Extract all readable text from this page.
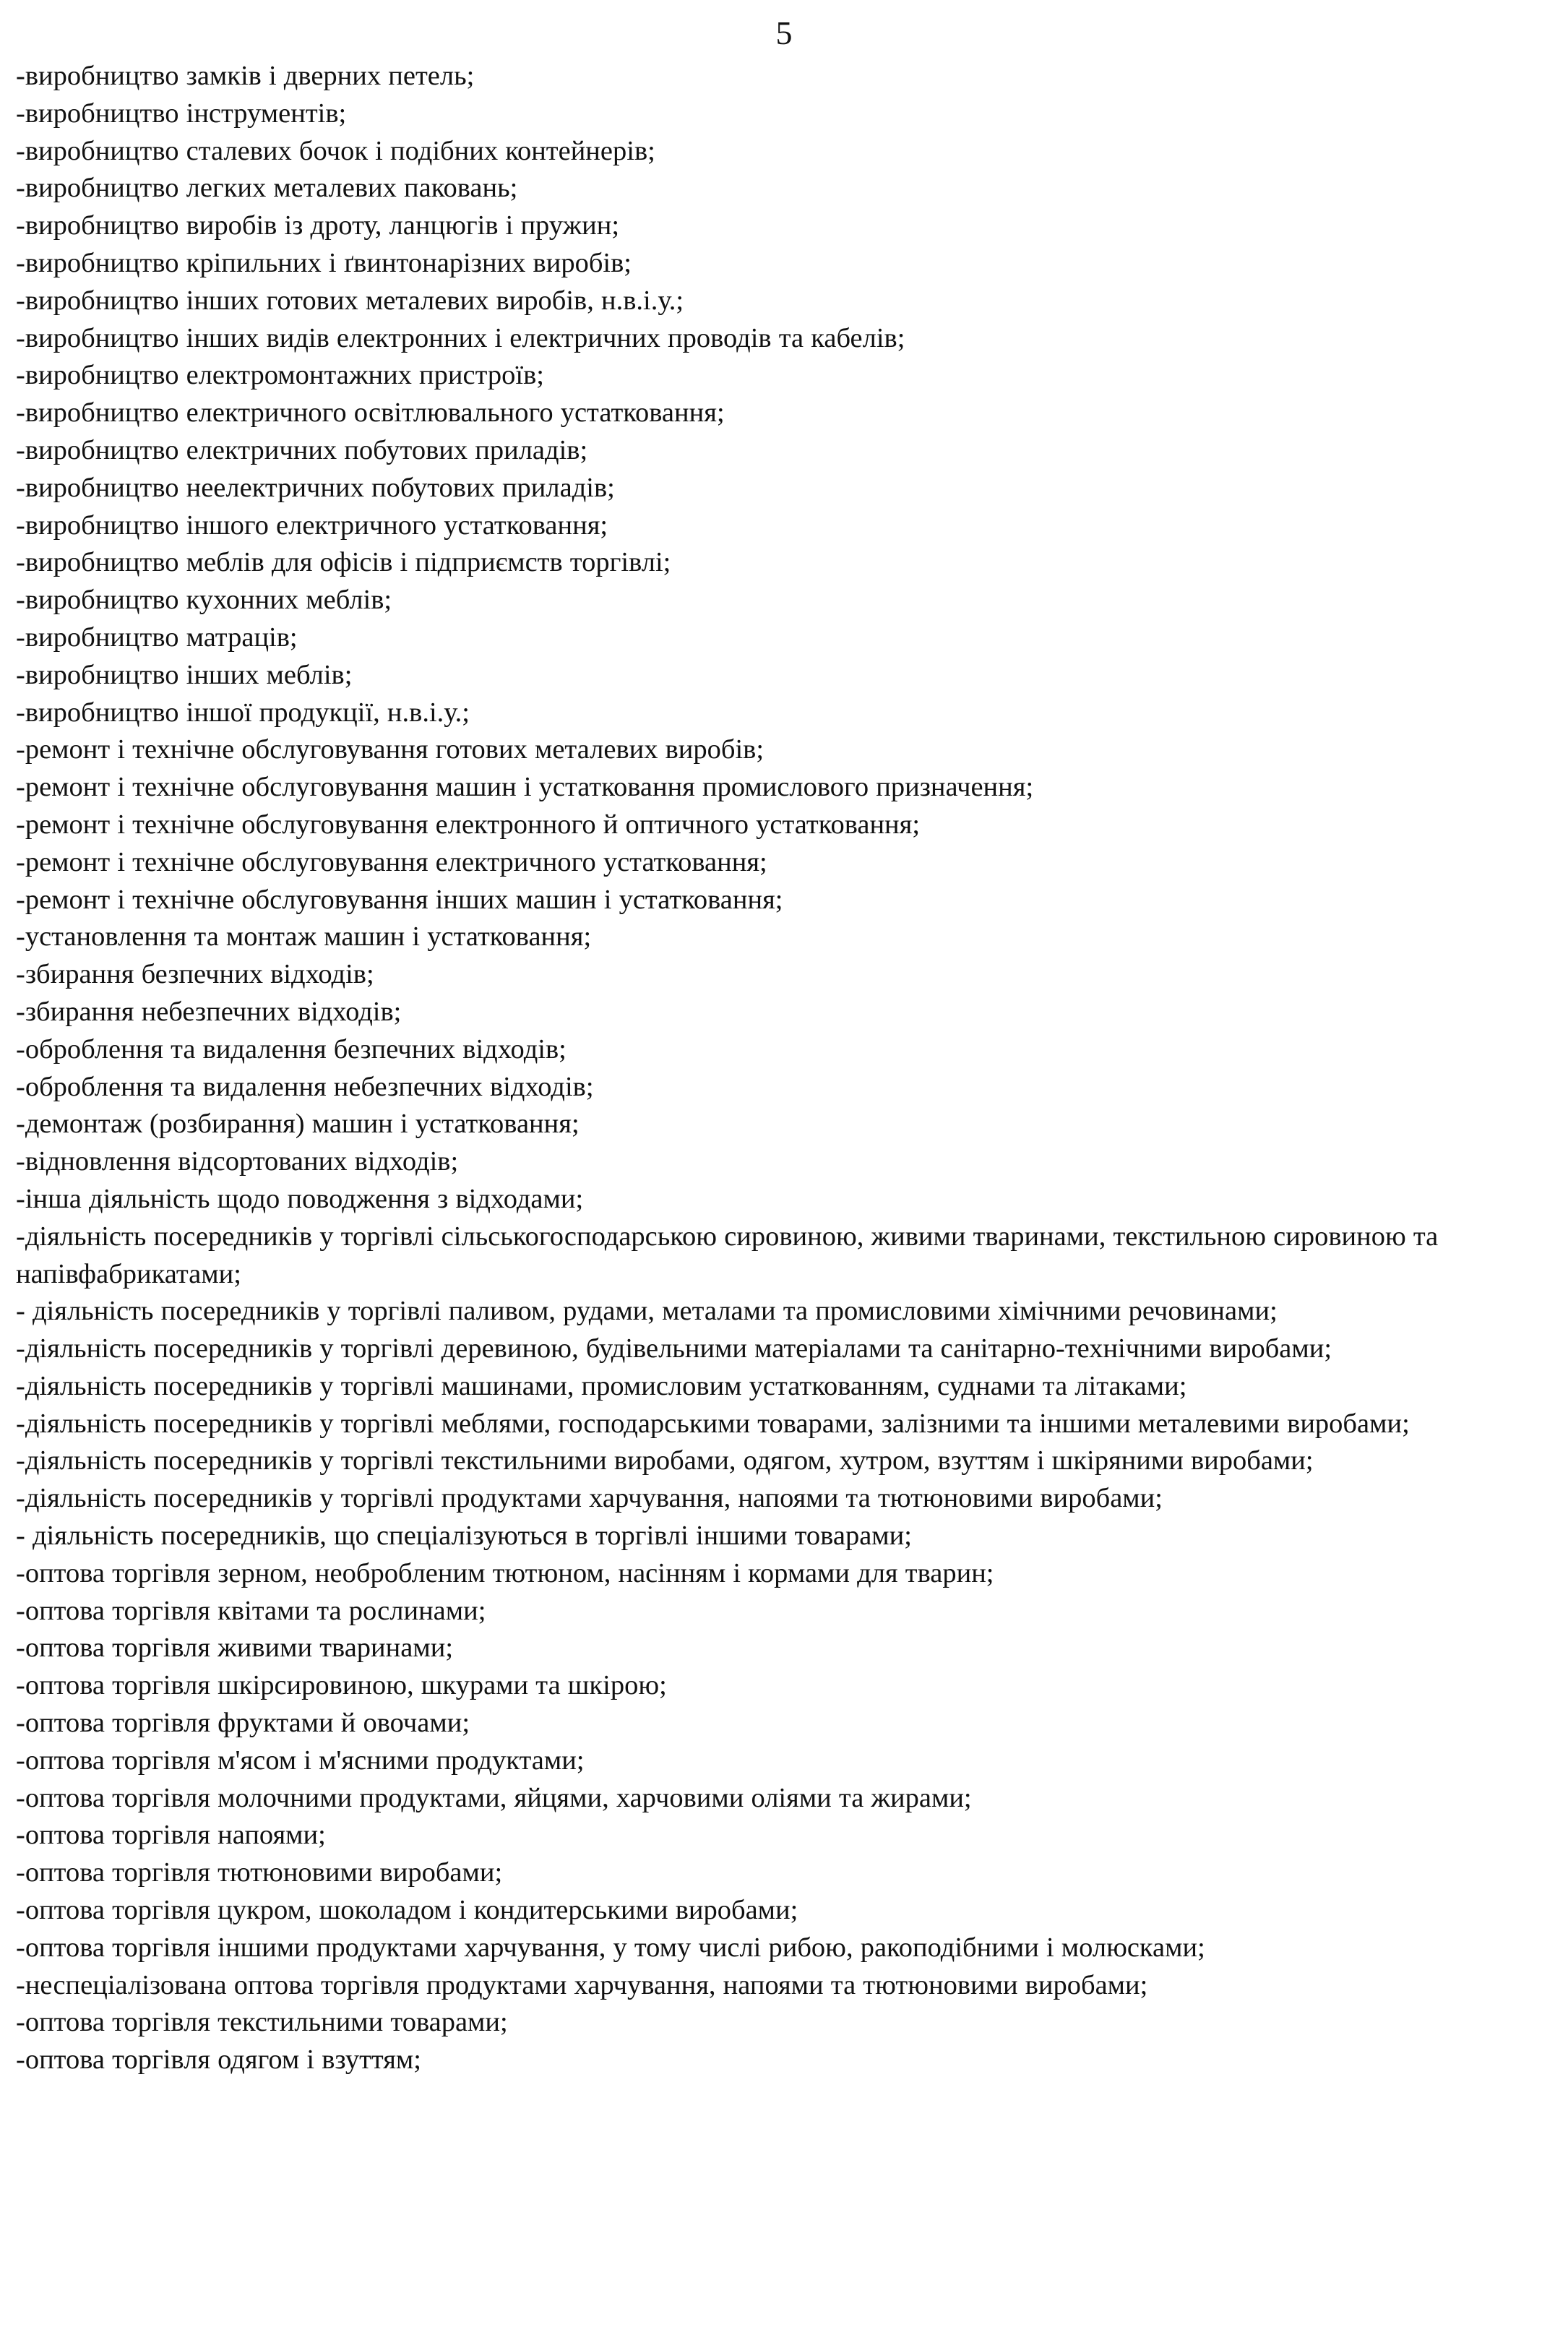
5
-виробництво замків і дверних петель;
-виробництво інструментів;
-виробництво сталевих бочок і подібних контейнерів;
-виробництво легких металевих паковань;
-виробництво виробів із дроту, ланцюгів і пружин;
-виробництво кріпильних і ґвинтонарізних виробів;
-виробництво інших готових металевих виробів, н.в.і.у.;
-виробництво інших видів електронних і електричних проводів та кабелів;
-виробництво електромонтажних пристроїв;
-виробництво електричного освітлювального устатковання;
-виробництво електричних побутових приладів;
-виробництво неелектричних побутових приладів;
-виробництво іншого електричного устатковання;
-виробництво меблів для офісів і підприємств торгівлі;
-виробництво кухонних меблів;
-виробництво матраців;
-виробництво інших меблів;
-виробництво іншої продукції, н.в.і.у.;
-ремонт і технічне обслуговування готових металевих виробів;
-ремонт і технічне обслуговування машин і устатковання промислового призначення;
-ремонт і технічне обслуговування електронного й оптичного устатковання;
-ремонт і технічне обслуговування електричного устатковання;
-ремонт і технічне обслуговування інших машин і устатковання;
-установлення та монтаж машин і устатковання;
-збирання безпечних відходів;
-збирання небезпечних відходів;
-оброблення та видалення безпечних відходів;
-оброблення та видалення небезпечних відходів;
-демонтаж (розбирання) машин і устатковання;
-відновлення відсортованих відходів;
-інша діяльність щодо поводження з відходами;
-діяльність посередників у торгівлі сільськогосподарською сировиною, живими тваринами, текстильною сировиною та напівфабрикатами;
- діяльність посередників у торгівлі паливом, рудами, металами та промисловими хімічними речовинами;
-діяльність посередників у торгівлі деревиною, будівельними матеріалами та санітарно-технічними виробами;
-діяльність посередників у торгівлі машинами, промисловим устаткованням, суднами та літаками;
-діяльність посередників у торгівлі меблями, господарськими товарами, залізними та іншими металевими виробами;
-діяльність посередників у торгівлі текстильними виробами, одягом, хутром, взуттям і шкіряними виробами;
-діяльність посередників у торгівлі продуктами харчування, напоями та тютюновими виробами;
- діяльність посередників, що спеціалізуються в торгівлі іншими товарами;
-оптова торгівля зерном, необробленим тютюном, насінням і кормами для тварин;
-оптова торгівля квітами та рослинами;
-оптова торгівля живими тваринами;
-оптова торгівля шкірсировиною, шкурами та шкірою;
-оптова торгівля фруктами й овочами;
-оптова торгівля м'ясом і м'ясними продуктами;
-оптова торгівля молочними продуктами, яйцями, харчовими оліями та жирами;
-оптова торгівля напоями;
-оптова торгівля тютюновими виробами;
-оптова торгівля цукром, шоколадом і кондитерськими виробами;
-оптова торгівля іншими продуктами харчування, у тому числі рибою, ракоподібними і молюсками;
-неспеціалізована оптова торгівля продуктами харчування, напоями та тютюновими виробами;
-оптова торгівля текстильними товарами;
-оптова торгівля одягом і взуттям;
